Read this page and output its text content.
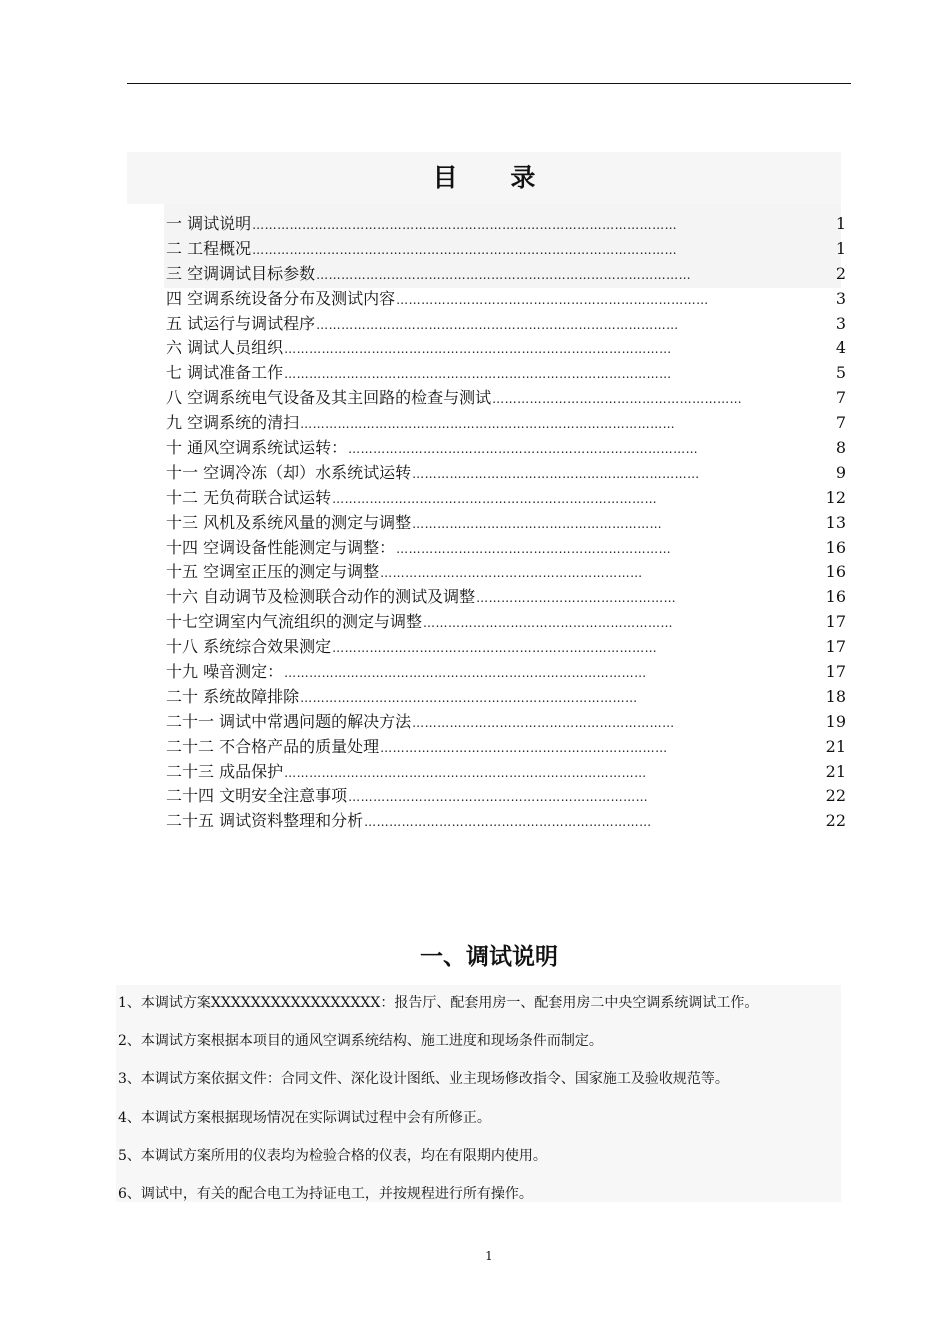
目 录
一 调试说明 …………………………………………………………………………………………	1
二 工程概况 …………………………………………………………………………………………	1
三 空调调试目标参数 ………………………………………………………………………………	2
四 空调系统设备分布及测试内容 …………………………………………………………………	3
五 试运行与调试程序 ……………………………………………………………………………	3
六 调试人员组织 …………………………………………………………………………………	4
七 调试准备工作 …………………………………………………………………………………	5
八 空调系统电气设备及其主回路的检查与测试 ……………………………………………………	7
九 空调系统的清扫 ………………………………………………………………………………	7
十 通风空调系统试运转： …………………………………………………………………………	8
十一 空调冷冻（却）水系统试运转 ……………………………………………………………	9
十二 无负荷联合试运转 ……………………………………………………………………	12
十三 风机及系统风量的测定与调整 ……………………………………………………	13
十四 空调设备性能测定与调整： …………………………………………………………	16
十五 空调室正压的测定与调整 ………………………………………………………	16
十六 自动调节及检测联合动作的测试及调整 …………………………………………	16
十七空调室内气流组织的测定与调整 ……………………………………………………	17
十八 系统综合效果测定 ……………………………………………………………………	17
十九 噪音测定： ……………………………………………………………………………	17
二十 系统故障排除 ………………………………………………………………………	18
二十一 调试中常遇问题的解决方法 ………………………………………………………	19
二十二 不合格产品的质量处理 ……………………………………………………………	21
二十三 成品保护 ……………………………………………………………………………	21
二十四 文明安全注意事项 ………………………………………………………………	22
二十五 调试资料整理和分析 ……………………………………………………………	22
一、调试说明
1、本调试方案XXXXXXXXXXXXXXXXX：报告厅、配套用房一、配套用房二中央空调系统调试工作。
2、本调试方案根据本项目的通风空调系统结构、施工进度和现场条件而制定。
3、本调试方案依据文件：合同文件、深化设计图纸、业主现场修改指令、国家施工及验收规范等。
4、本调试方案根据现场情况在实际调试过程中会有所修正。
5、本调试方案所用的仪表均为检验合格的仪表，均在有限期内使用。
6、调试中，有关的配合电工为持证电工，并按规程进行所有操作。
1
